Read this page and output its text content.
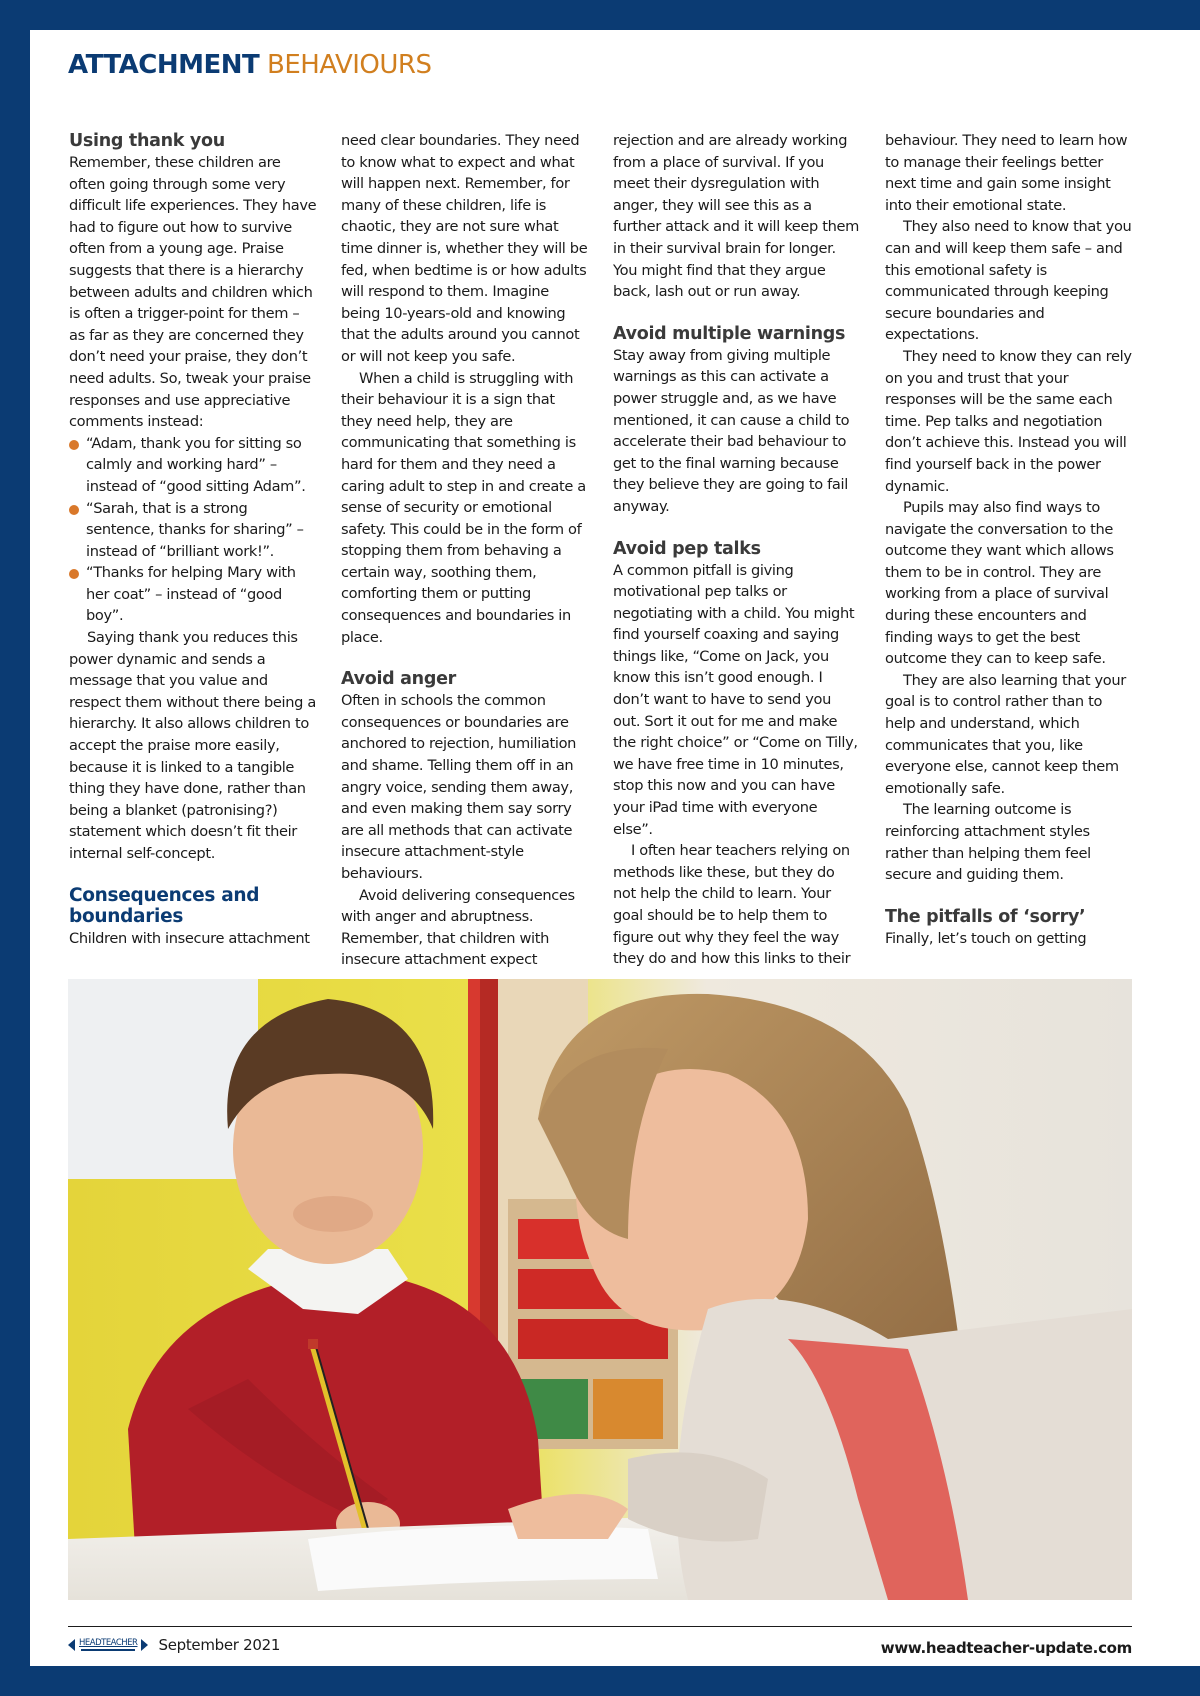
ATTACHMENT BEHAVIOURS
Using thank you

Remember, these children are often going through some very difficult life experiences. They have had to figure out how to survive often from a young age. Praise suggests that there is a hierarchy between adults and children which is often a trigger-point for them – as far as they are concerned they don’t need your praise, they don’t need adults. So, tweak your praise responses and use appreciative comments instead:

“Adam, thank you for sitting so calmly and working hard” – instead of “good sitting Adam”.
“Sarah, that is a strong sentence, thanks for sharing” – instead of “brilliant work!”.
“Thanks for helping Mary with her coat” – instead of “good boy”.

Saying thank you reduces this power dynamic and sends a message that you value and respect them without there being a hierarchy. It also allows children to accept the praise more easily, because it is linked to a tangible thing they have done, rather than being a blanket (patronising?) statement which doesn’t fit their internal self-concept.

Consequences and boundaries

Children with insecure attachment

need clear boundaries. They need to know what to expect and what will happen next. Remember, for many of these children, life is chaotic, they are not sure what time dinner is, whether they will be fed, when bedtime is or how adults will respond to them. Imagine being 10-years-old and knowing that the adults around you cannot or will not keep you safe.

When a child is struggling with their behaviour it is a sign that they need help, they are communicating that something is hard for them and they need a caring adult to step in and create a sense of security or emotional safety. This could be in the form of stopping them from behaving a certain way, soothing them, comforting them or putting consequences and boundaries in place.

Avoid anger

Often in schools the common consequences or boundaries are anchored to rejection, humiliation and shame. Telling them off in an angry voice, sending them away, and even making them say sorry are all methods that can activate insecure attachment-style behaviours.

Avoid delivering consequences with anger and abruptness. Remember, that children with insecure attachment expect

rejection and are already working from a place of survival. If you meet their dysregulation with anger, they will see this as a further attack and it will keep them in their survival brain for longer. You might find that they argue back, lash out or run away.

Avoid multiple warnings

Stay away from giving multiple warnings as this can activate a power struggle and, as we have mentioned, it can cause a child to accelerate their bad behaviour to get to the final warning because they believe they are going to fail anyway.

Avoid pep talks

A common pitfall is giving motivational pep talks or negotiating with a child. You might find yourself coaxing and saying things like, “Come on Jack, you know this isn’t good enough. I don’t want to have to send you out. Sort it out for me and make the right choice” or “Come on Tilly, we have free time in 10 minutes, stop this now and you can have your iPad time with everyone else”.

I often hear teachers relying on methods like these, but they do not help the child to learn. Your goal should be to help them to figure out why they feel the way they do and how this links to their

behaviour. They need to learn how to manage their feelings better next time and gain some insight into their emotional state.

They also need to know that you can and will keep them safe – and this emotional safety is communicated through keeping secure boundaries and expectations.

They need to know they can rely on you and trust that your responses will be the same each time. Pep talks and negotiation don’t achieve this. Instead you will find yourself back in the power dynamic.

Pupils may also find ways to navigate the conversation to the outcome they want which allows them to be in control. They are working from a place of survival during these encounters and finding ways to get the best outcome they can to keep safe.

They are also learning that your goal is to control rather than to help and understand, which communicates that you, like everyone else, cannot keep them emotionally safe.

The learning outcome is reinforcing attachment styles rather than helping them feel secure and guiding them.

The pitfalls of ‘sorry’

Finally, let’s touch on getting

HEADTEACHER September 2021	www.headteacher-update.com
